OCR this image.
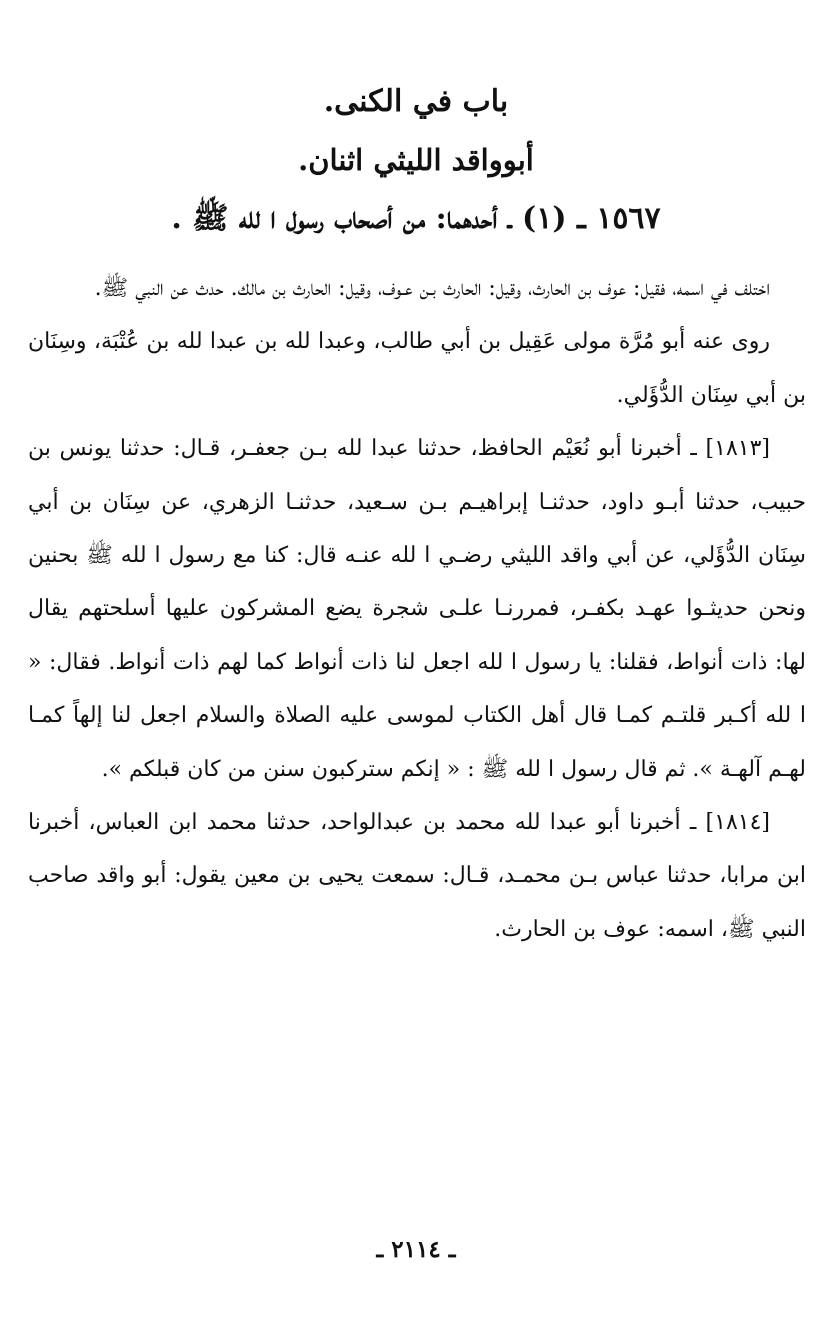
باب في الكنى.
أبوواقد الليثي اثنان.
١٥٦٧ ـ (١) ـ أحدهما: من أصحاب رسول ا لله ﷺ .

اختلف في اسمه، فقيل: عوف بن الحارث، وقيل: الحارث بـن عـوف، وقيل: الحارث بن مالك. حدث عن النبي ﷺ.

روى عنه أبو مُرَّة مولى عَقِيل بن أبي طالب، وعبدا لله بن عبدا لله بن عُتْبَة، وسِنَان بن أبي سِنَان الدُّؤَلي.

[١٨١٣] ـ أخبرنا أبو نُعَيْم الحافظ، حدثنا عبدا لله بـن جعفـر، قـال: حدثنا يونس بن حبيب، حدثنا أبـو داود، حدثنـا إبراهيـم بـن سـعيد، حدثنـا الزهري، عن سِنَان بن أبي سِنَان الدُّؤَلي، عن أبي واقد الليثي رضـي ا لله عنـه قال: كنا مع رسول ا لله ﷺ بحنين ونحن حديثـوا عهـد بكفـر، فمررنـا علـى شجرة يضع المشركون عليها أسلحتهم يقال لها: ذات أنواط، فقلنا: يا رسول ا لله اجعل لنا ذات أنواط كما لهم ذات أنواط. فقال: « ا لله أكـبر قلتـم كمـا قال أهل الكتاب لموسى عليه الصلاة والسلام اجعل لنا إلهاً كمـا لهـم آلهـة ». ثم قال رسول ا لله ﷺ : « إنكم ستركبون سنن من كان قبلكم ».

[١٨١٤] ـ أخبرنا أبو عبدا لله محمد بن عبدالواحد، حدثنا محمد ابن العباس، أخبرنا ابن مرابا، حدثنا عباس بـن محمـد، قـال: سمعت يحيى بن معين يقول: أبو واقد صاحب النبي ﷺ، اسمه: عوف بن الحارث.

ـ ٢١١٤ ـ
